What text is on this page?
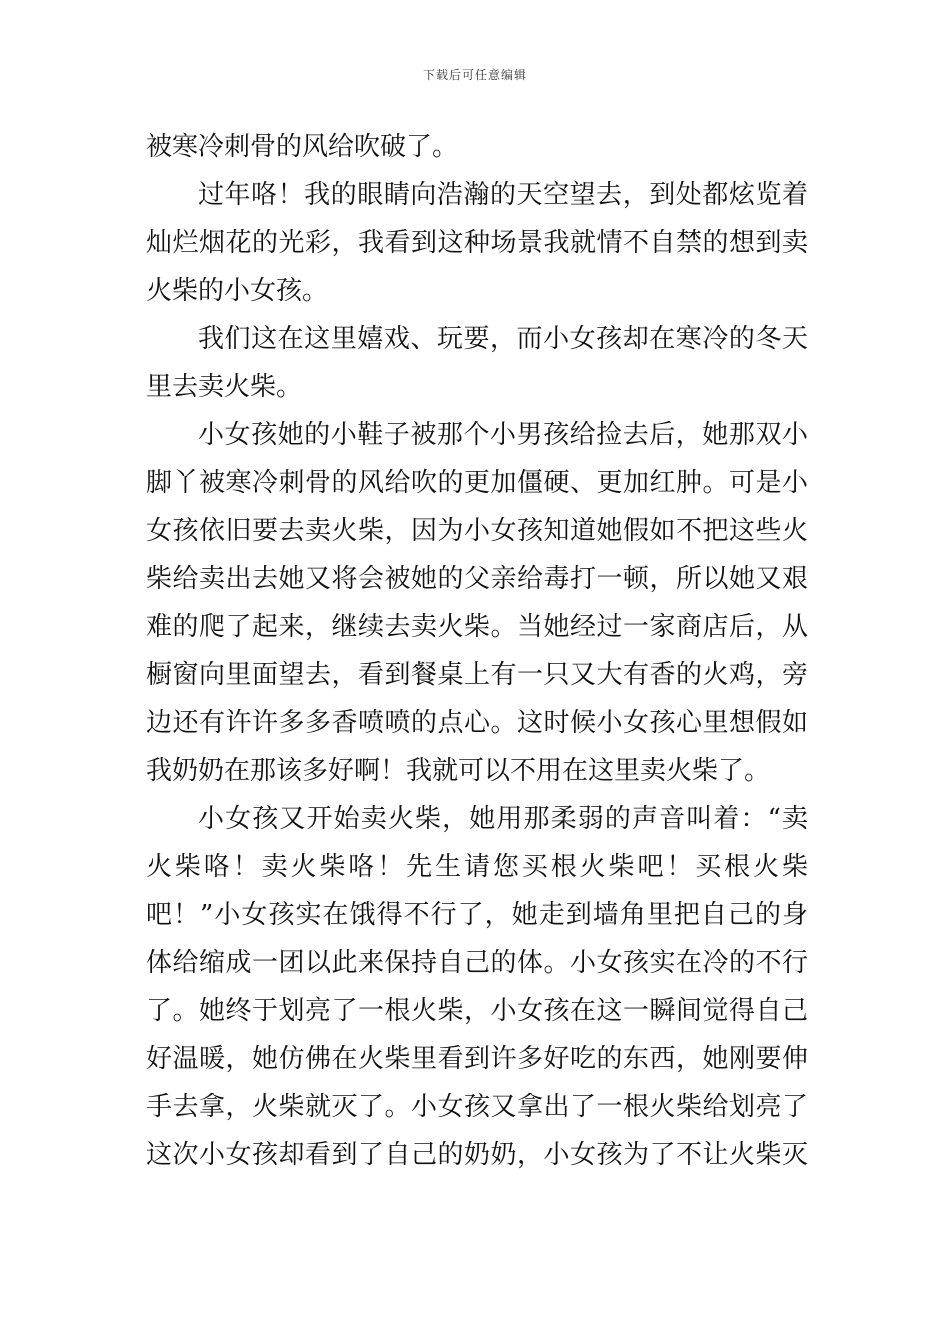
下载后可任意编辑
被寒冷刺骨的风给吹破了。
过年咯！我的眼睛向浩瀚的天空望去，到处都炫览着
灿烂烟花的光彩，我看到这种场景我就情不自禁的想到卖
火柴的小女孩。
我们这在这里嬉戏、玩要，而小女孩却在寒冷的冬天
里去卖火柴。
小女孩她的小鞋子被那个小男孩给捡去后，她那双小
脚丫被寒冷刺骨的风给吹的更加僵硬、更加红肿。可是小
女孩依旧要去卖火柴，因为小女孩知道她假如不把这些火
柴给卖出去她又将会被她的父亲给毒打一顿，所以她又艰
难的爬了起来，继续去卖火柴。当她经过一家商店后，从
橱窗向里面望去，看到餐桌上有一只又大有香的火鸡，旁
边还有许许多多香喷喷的点心。这时候小女孩心里想假如
我奶奶在那该多好啊！我就可以不用在这里卖火柴了。
小女孩又开始卖火柴，她用那柔弱的声音叫着：“卖
火柴咯！卖火柴咯！先生请您买根火柴吧！买根火柴
吧！”小女孩实在饿得不行了，她走到墙角里把自己的身
体给缩成一团以此来保持自己的体。小女孩实在冷的不行
了。她终于划亮了一根火柴，小女孩在这一瞬间觉得自己
好温暖，她仿佛在火柴里看到许多好吃的东西，她刚要伸
手去拿，火柴就灭了。小女孩又拿出了一根火柴给划亮了
这次小女孩却看到了自己的奶奶，小女孩为了不让火柴灭
